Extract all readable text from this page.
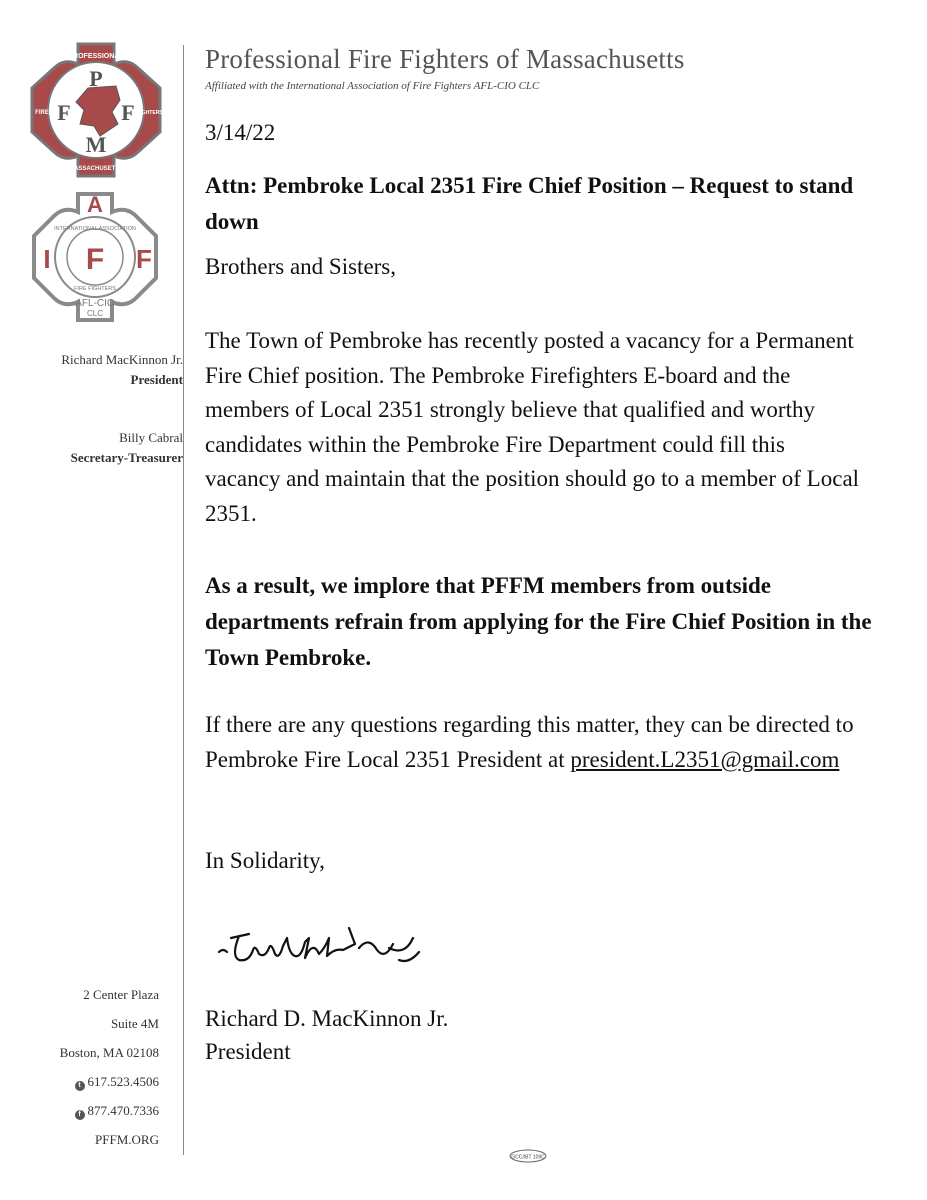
P
F F
M
PROFESSIONAL
MASSACHUSETTS
FIRE	FIGHTERS
A
I F F
INTERNATIONAL ASSOCIATION
FIRE FIGHTERS
AFL-CIO
CLC
Richard MacKinnon Jr.
President
Billy Cabral
Secretary-Treasurer
2 Center Plaza
Suite 4M
Boston, MA 02108
t 617.523.4506
f 877.470.7336
PFFM.ORG
Professional Fire Fighters of Massachusetts
Affiliated with the International Association of Fire Fighters AFL-CIO CLC
3/14/22
Attn: Pembroke Local 2351 Fire Chief Position – Request to stand down
Brothers and Sisters,
The Town of Pembroke has recently posted a vacancy for a Permanent Fire Chief position. The Pembroke Firefighters E-board and the members of Local 2351 strongly believe that qualified and worthy candidates within the Pembroke Fire Department could fill this vacancy and maintain that the position should go to a member of Local 2351.
As a result, we implore that PFFM members from outside departments refrain from applying for the Fire Chief Position in the Town Pembroke.
If there are any questions regarding this matter, they can be directed to Pembroke Fire Local 2351 President at president.L2351@gmail.com
In Solidarity,
Richard D. MacKinnon Jr.
President
GCC/IBT 109C
